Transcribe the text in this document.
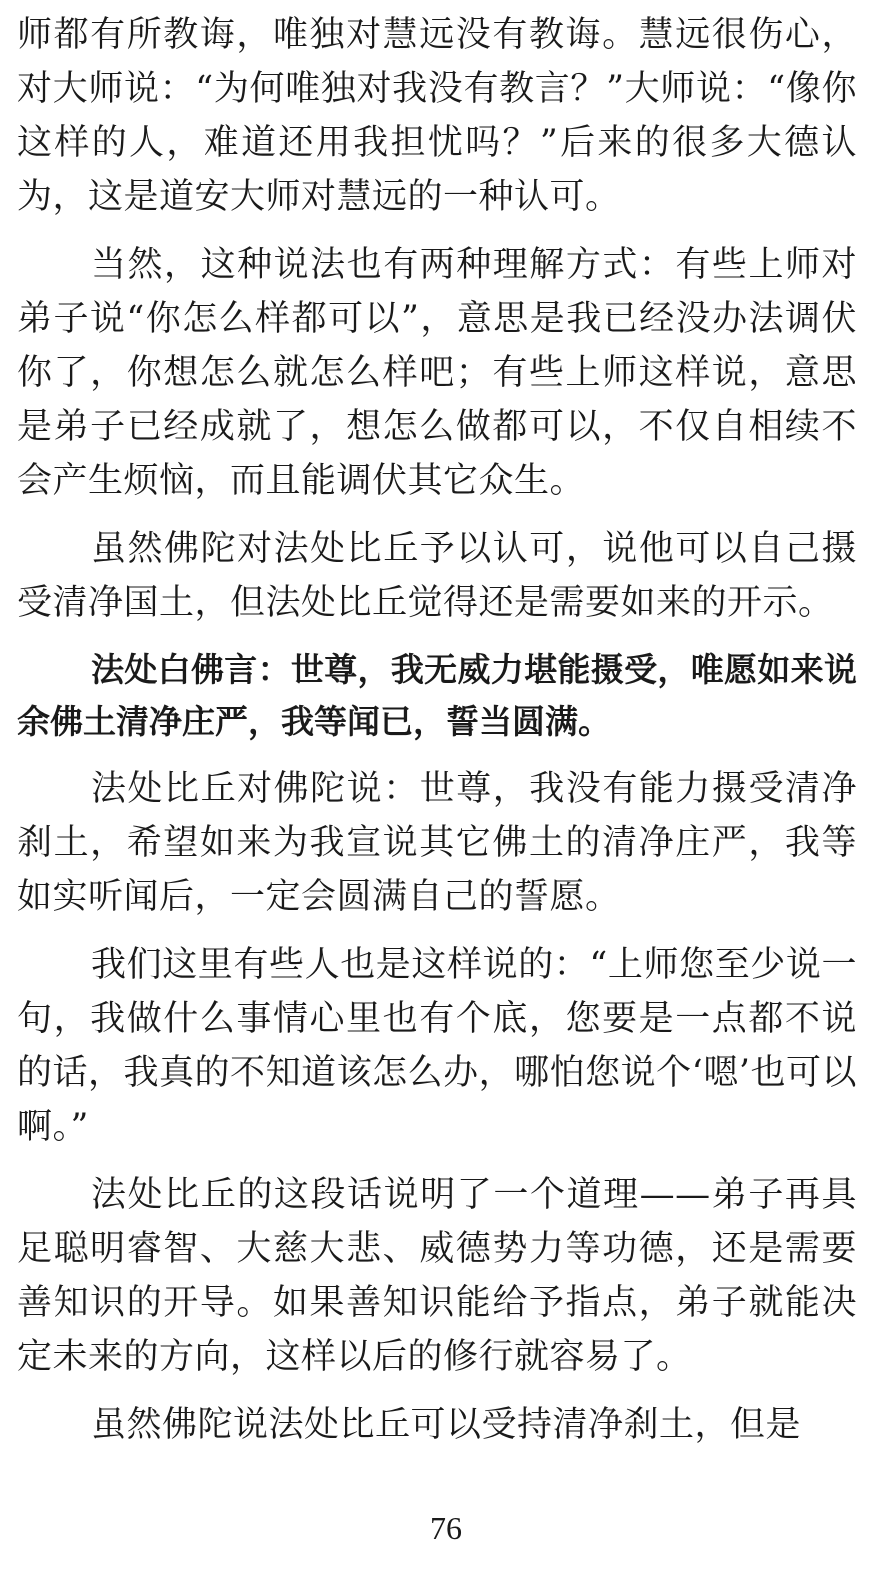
师都有所教诲，唯独对慧远没有教诲。慧远很伤心，对大师说：“为何唯独对我没有教言？”大师说：“像你这样的人，难道还用我担忧吗？”后来的很多大德认为，这是道安大师对慧远的一种认可。

当然，这种说法也有两种理解方式：有些上师对弟子说“你怎么样都可以”，意思是我已经没办法调伏你了，你想怎么就怎么样吧；有些上师这样说，意思是弟子已经成就了，想怎么做都可以，不仅自相续不会产生烦恼，而且能调伏其它众生。

虽然佛陀对法处比丘予以认可，说他可以自己摄受清净国土，但法处比丘觉得还是需要如来的开示。

法处白佛言：世尊，我无威力堪能摄受，唯愿如来说余佛土清净庄严，我等闻已，誓当圆满。

法处比丘对佛陀说：世尊，我没有能力摄受清净刹土，希望如来为我宣说其它佛土的清净庄严，我等如实听闻后，一定会圆满自己的誓愿。

我们这里有些人也是这样说的：“上师您至少说一句，我做什么事情心里也有个底，您要是一点都不说的话，我真的不知道该怎么办，哪怕您说个‘嗯’也可以啊。”

法处比丘的这段话说明了一个道理——弟子再具足聪明睿智、大慈大悲、威德势力等功德，还是需要善知识的开导。如果善知识能给予指点，弟子就能决定未来的方向，这样以后的修行就容易了。

虽然佛陀说法处比丘可以受持清净刹土，但是

76
